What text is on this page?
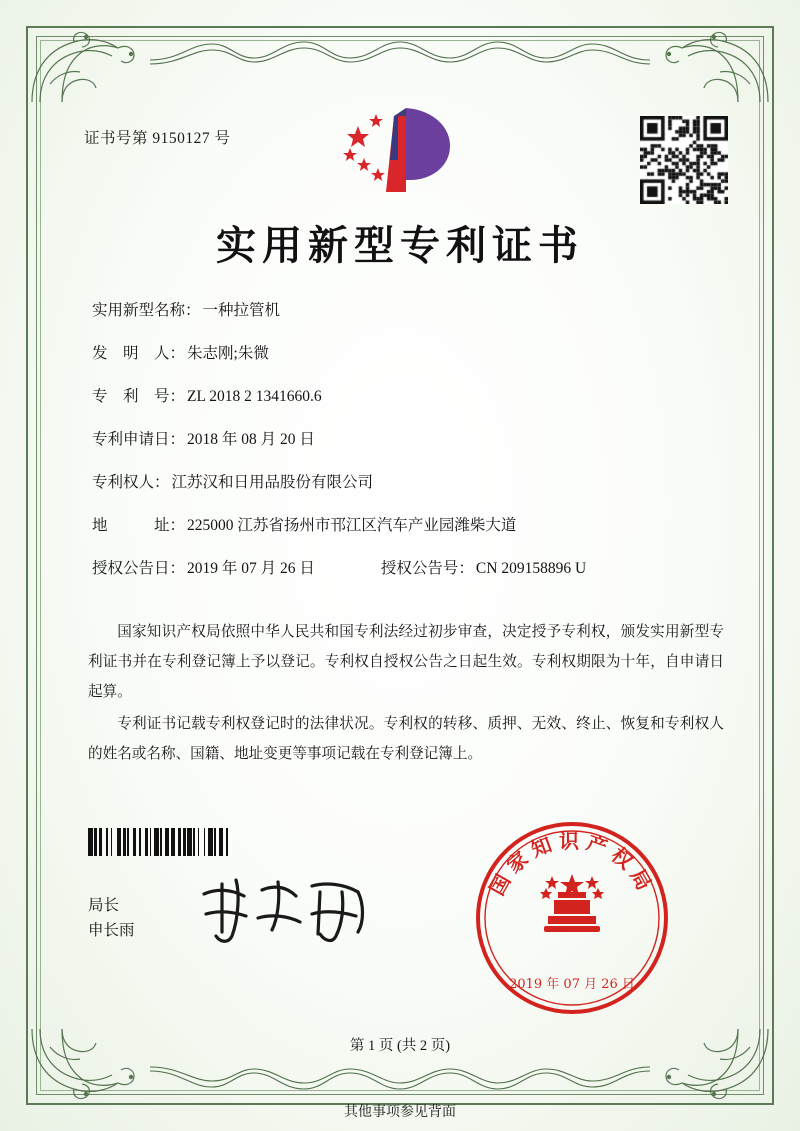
证书号第 9150127 号
实用新型专利证书
实用新型名称： 一种拉管机
发　明　人： 朱志刚;朱微
专　利　号： ZL 2018 2 1341660.6
专利申请日： 2018 年 08 月 20 日
专利权人： 江苏汉和日用品股份有限公司
地　　　址： 225000 江苏省扬州市邗江区汽车产业园潍柴大道
授权公告日： 2019 年 07 月 26 日	授权公告号： CN 209158896 U

国家知识产权局依照中华人民共和国专利法经过初步审查，决定授予专利权，颁发实用新型专利证书并在专利登记簿上予以登记。专利权自授权公告之日起生效。专利权期限为十年，自申请日起算。

专利证书记载专利权登记时的法律状况。专利权的转移、质押、无效、终止、恢复和专利权人的姓名或名称、国籍、地址变更等事项记载在专利登记簿上。

局长
申长雨
国家知识产权局
2019 年 07 月 26 日
第 1 页 (共 2 页)
其他事项参见背面
